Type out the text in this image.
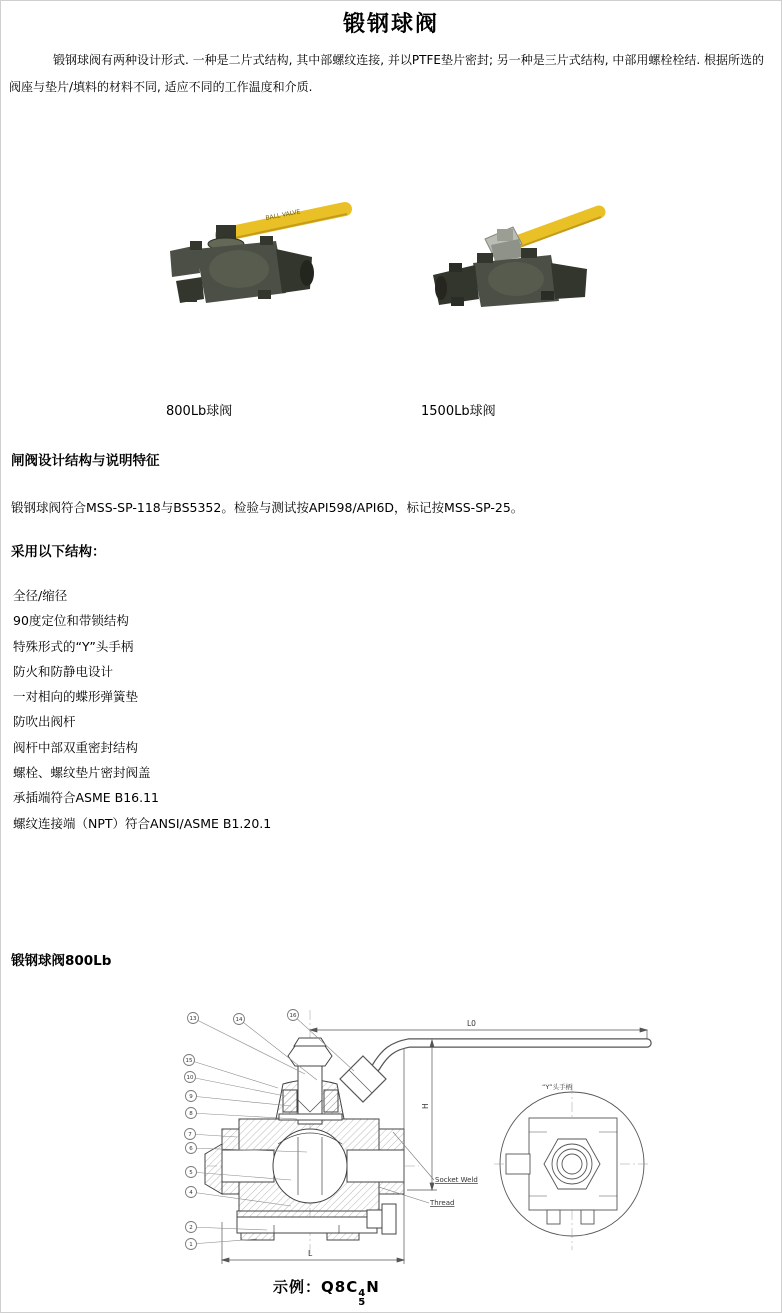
锻钢球阀
锻钢球阀有两种设计形式. 一种是二片式结构, 其中部螺纹连接, 并以PTFE垫片密封; 另一种是三片式结构, 中部用螺栓栓结. 根据所选的阀座与垫片/填料的材料不同, 适应不同的工作温度和介质.
BALL VALVE
800Lb球阀	1500Lb球阀
闸阀设计结构与说明特征
锻钢球阀符合MSS-SP-118与BS5352。检验与测试按API598/API6D，标记按MSS-SP-25。
采用以下结构：
全径/缩径
90度定位和带锁结构
特殊形式的“Y”头手柄
防火和防静电设计
一对相向的蝶形弹簧垫
防吹出阀杆
阀杆中部双重密封结构
螺栓、螺纹垫片密封阀盖
承插端符合ASME B16.11
螺纹连接端（NPT）符合ANSI/ASME B1.20.1
锻钢球阀800Lb
L0
H
L
Socket Weld
Thread
“Y”头手柄
13	14
16
15
10
9
8
7
6
5
4
2
1
示例：Q8C 4
5
N
